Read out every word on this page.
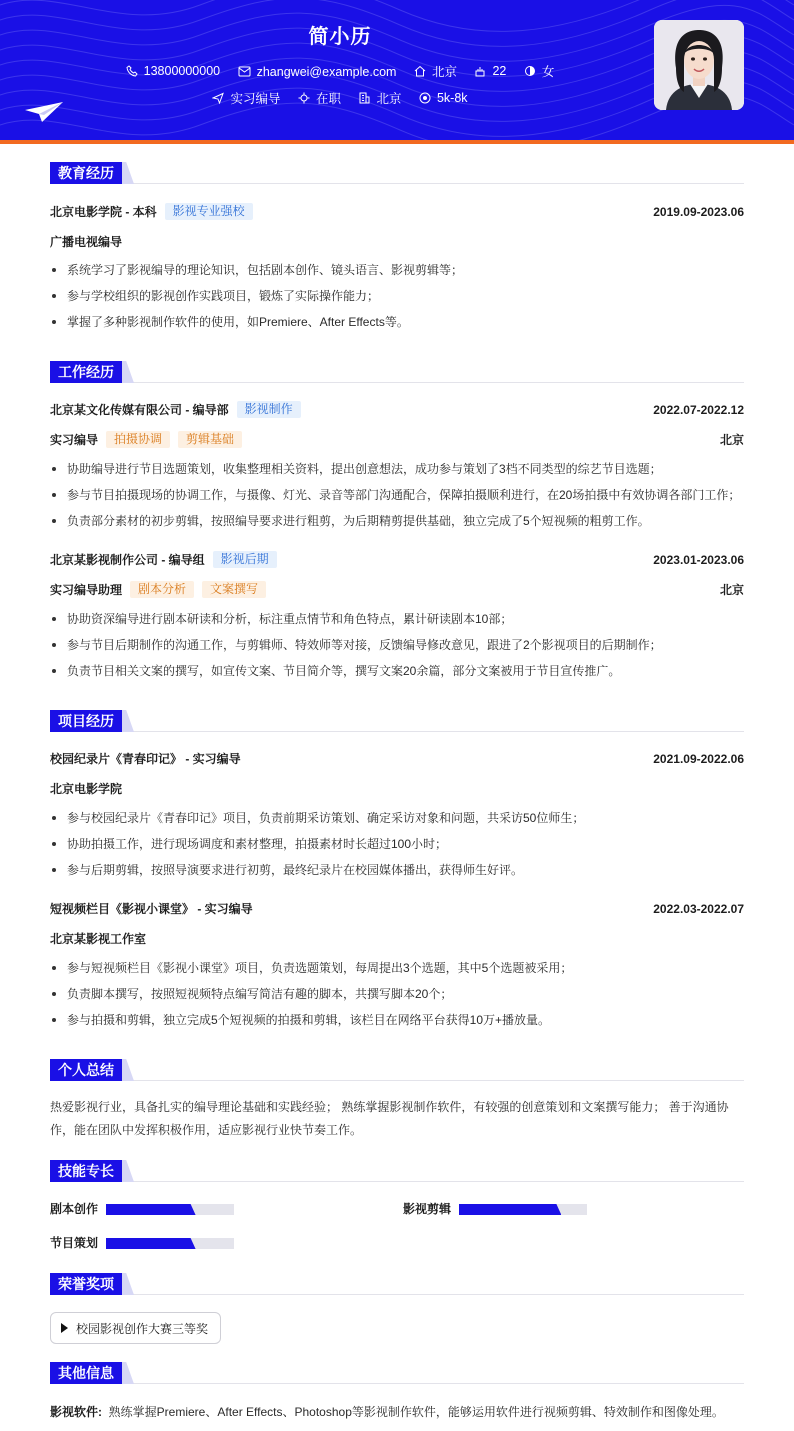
简小历
13800000000
	zhangwei@example.com
	北京
	22
	女
实习编导
	在职
	北京
	5k-8k
教育经历
北京电影学院 - 本科 影视专业强校	2019.09-2023.06
广播电视编导
系统学习了影视编导的理论知识，包括剧本创作、镜头语言、影视剪辑等；
参与学校组织的影视创作实践项目，锻炼了实际操作能力；
掌握了多种影视制作软件的使用，如Premiere、After Effects等。
工作经历
北京某文化传媒有限公司 - 编导部 影视制作	2022.07-2022.12
实习编导 拍摄协调 剪辑基础	北京
协助编导进行节目选题策划，收集整理相关资料，提出创意想法，成功参与策划了3档不同类型的综艺节目选题；
参与节目拍摄现场的协调工作，与摄像、灯光、录音等部门沟通配合，保障拍摄顺利进行，在20场拍摄中有效协调各部门工作；
负责部分素材的初步剪辑，按照编导要求进行粗剪，为后期精剪提供基础，独立完成了5个短视频的粗剪工作。
北京某影视制作公司 - 编导组 影视后期	2023.01-2023.06
实习编导助理 剧本分析 文案撰写	北京
协助资深编导进行剧本研读和分析，标注重点情节和角色特点，累计研读剧本10部；
参与节目后期制作的沟通工作，与剪辑师、特效师等对接，反馈编导修改意见，跟进了2个影视项目的后期制作；
负责节目相关文案的撰写，如宣传文案、节目简介等，撰写文案20余篇，部分文案被用于节目宣传推广。
项目经历
校园纪录片《青春印记》 - 实习编导	2021.09-2022.06
北京电影学院
参与校园纪录片《青春印记》项目，负责前期采访策划、确定采访对象和问题，共采访50位师生；
协助拍摄工作，进行现场调度和素材整理，拍摄素材时长超过100小时；
参与后期剪辑，按照导演要求进行初剪，最终纪录片在校园媒体播出，获得师生好评。
短视频栏目《影视小课堂》 - 实习编导	2022.03-2022.07
北京某影视工作室
参与短视频栏目《影视小课堂》项目，负责选题策划，每周提出3个选题，其中5个选题被采用；
负责脚本撰写，按照短视频特点编写简洁有趣的脚本，共撰写脚本20个；
参与拍摄和剪辑，独立完成5个短视频的拍摄和剪辑，该栏目在网络平台获得10万+播放量。
个人总结
热爱影视行业，具备扎实的编导理论基础和实践经验； 熟练掌握影视制作软件，有较强的创意策划和文案撰写能力； 善于沟通协作，能在团队中发挥积极作用，适应影视行业快节奏工作。
技能专长
剧本创作	影视剪辑
节目策划
荣誉奖项
校园影视创作大赛三等奖
其他信息
影视软件: 熟练掌握Premiere、After Effects、Photoshop等影视制作软件，能够运用软件进行视频剪辑、特效制作和图像处理。
